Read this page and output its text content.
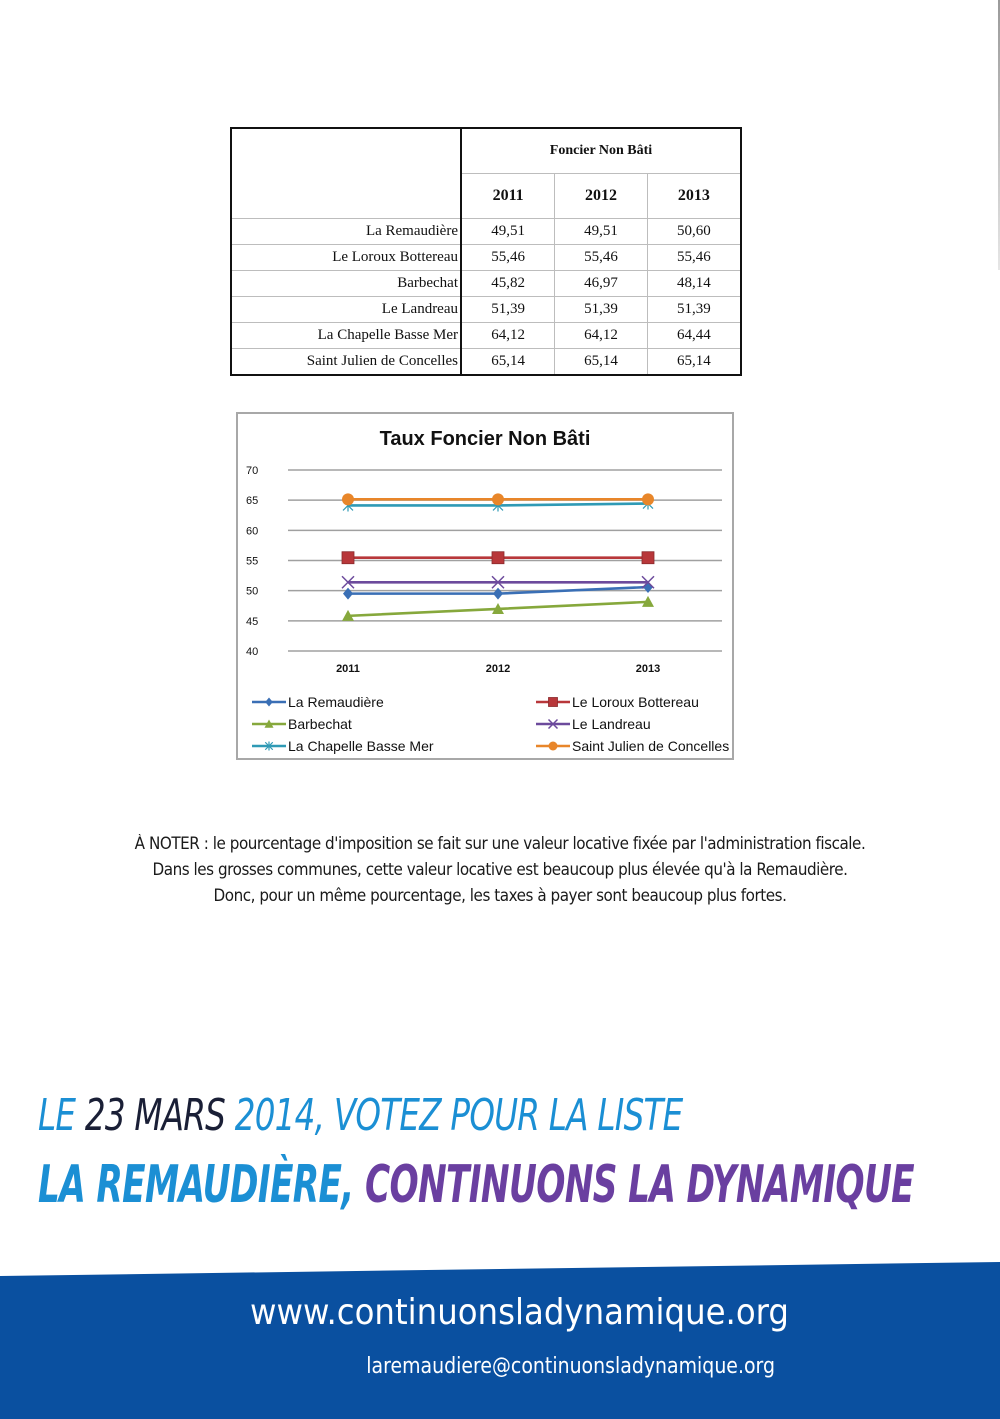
	Foncier Non Bâti		
	2011	2012	2013
La Remaudière	49,51	49,51	50,60
Le Loroux Bottereau	55,46	55,46	55,46
Barbechat	45,82	46,97	48,14
Le Landreau	51,39	51,39	51,39
La Chapelle Basse Mer	64,12	64,12	64,44
Saint Julien de Concelles	65,14	65,14	65,14
Taux Foncier Non Bâti
40
45
50
55
60
65
70
2011	2012	2013
La Remaudière	Le Loroux Bottereau
Barbechat	Le Landreau
La Chapelle Basse Mer	Saint Julien de Concelles
À NOTER : le pourcentage d'imposition se fait sur une valeur locative fixée par l'administration fiscale.
Dans les grosses communes, cette valeur locative est beaucoup plus élevée qu'à la Remaudière.
Donc, pour un même pourcentage, les taxes à payer sont beaucoup plus fortes.
LE 23 MARS 2014, VOTEZ POUR LA LISTE
LA REMAUDIÈRE, CONTINUONS LA DYNAMIQUE
www.continuonsladynamique.org
laremaudiere@continuonsladynamique.org
